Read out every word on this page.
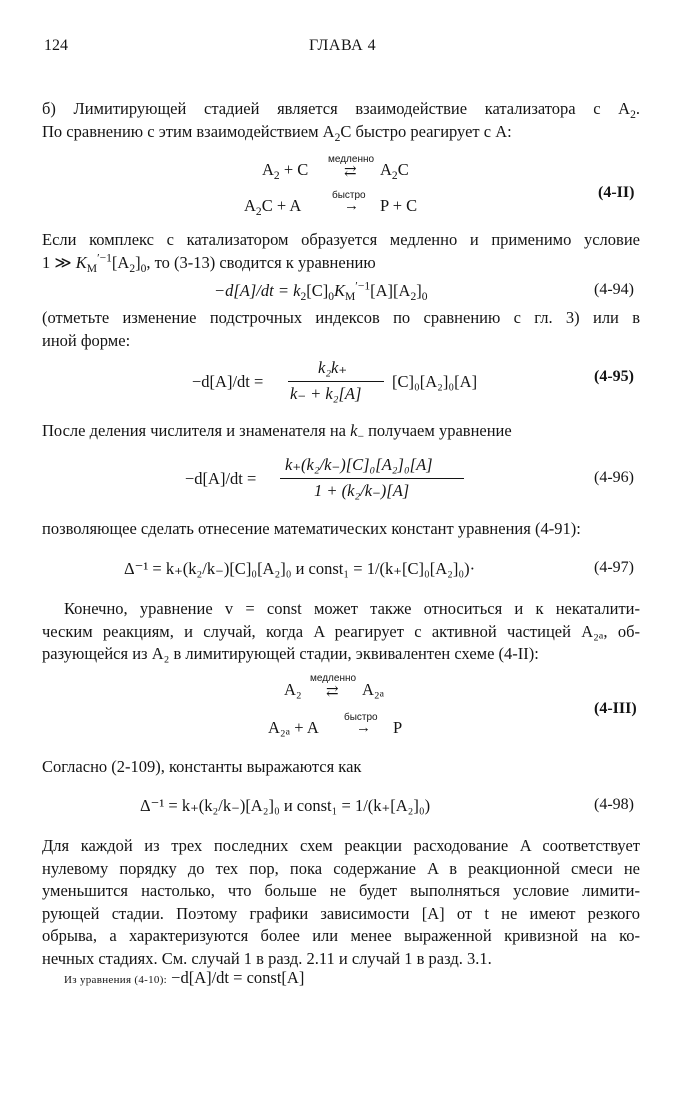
124	ГЛАВА 4
б) Лимитирующей стадией является взаимодействие катализатора с $A_2$.
По сравнению с этим взаимодействием $A_2C$ быстро реагирует с A:
$A_2 + C$
медленно
⇄ $A_2C$
$A_2C + A$
быстро
→ P + C
(4-II)
Если комплекс с катализатором образуется медленно и применимо условие
1 ≫ $K_M^{'-1}[A_2]_0$, то (3-13) сводится к уравнению
$-d[A]/dt = k_2[C]_0K_M^{'-1}[A][A_2]_0$	(4-94)
(отметьте изменение подстрочных индексов по сравнению с гл. 3) или в
иной форме:
−d[A]/dt =
k₂k₊
k₋ + k₂[A]
[C]₀[A₂]₀[A]	(4-95)
После деления числителя и знаменателя на $k_-$ получаем уравнение
−d[A]/dt =
k₊(k₂/k₋)[C]₀[A₂]₀[A]
1 + (k₂/k₋)[A]
(4-96)
позволяющее сделать отнесение математических констант уравнения (4-91):
Δ⁻¹ = k₊(k₂/k₋)[C]₀[A₂]₀ и const₁ = 1/(k₊[C]₀[A₂]₀)·	(4-97)
Конечно, уравнение v = const может также относиться и к некаталити-
ческим реакциям, и случай, когда A реагирует с активной частицей A₂ₐ, об-
разующейся из A₂ в лимитирующей стадии, эквивалентен схеме (4-II):
A₂
медленно
⇄ A₂ₐ
A₂ₐ + A
быстро
→ P
(4-III)
Согласно (2-109), константы выражаются как
Δ⁻¹ = k₊(k₂/k₋)[A₂]₀ и const₁ = 1/(k₊[A₂]₀)	(4-98)
Для каждой из трех последних схем реакции расходование A соответствует
нулевому порядку до тех пор, пока содержание A в реакционной смеси не
уменьшится настолько, что больше не будет выполняться условие лимити-
рующей стадии. Поэтому графики зависимости [A] от t не имеют резкого
обрыва, а характеризуются более или менее выраженной кривизной на ко-
нечных стадиях. См. случай 1 в разд. 2.11 и случай 1 в разд. 3.1.
Из уравнения (4-10): −d[A]/dt = const[A]
